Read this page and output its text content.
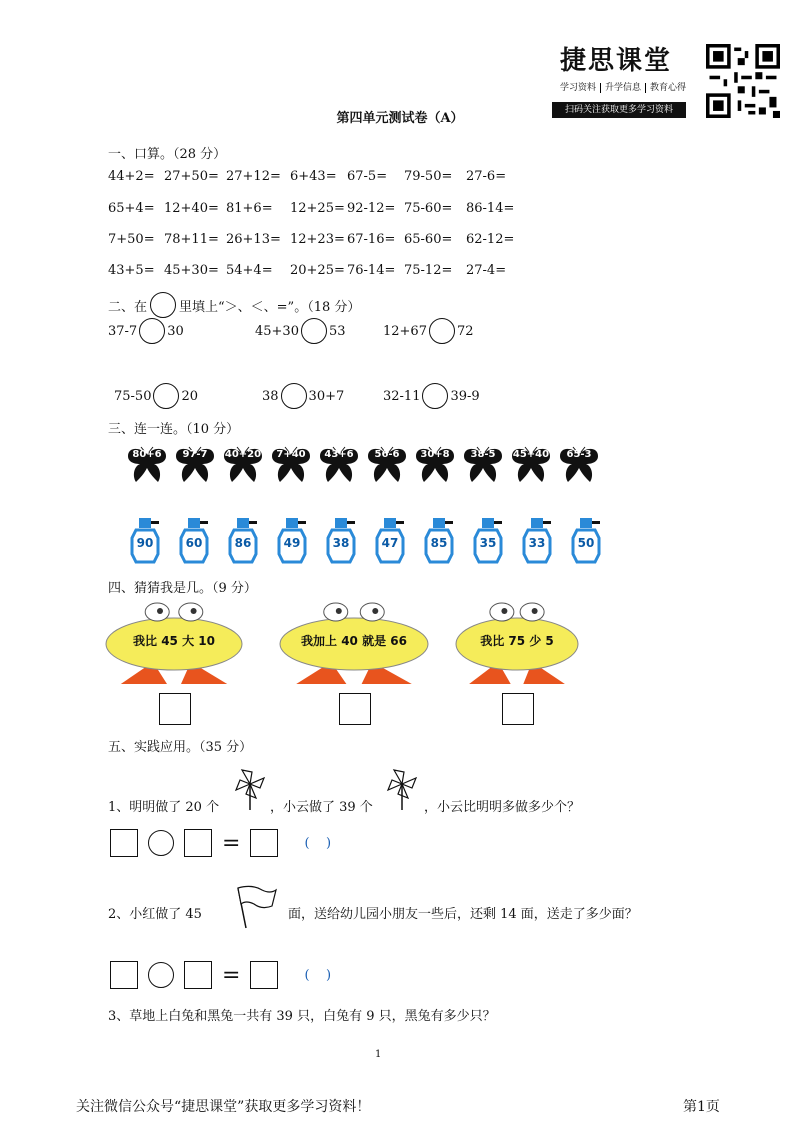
捷思课堂
学习资料 升学信息 教育心得
扫码关注获取更多学习资料
第四单元测试卷（A）
一、口算。（28 分）
44+2= 27+50= 27+12= 6+43= 67-5= 79-50= 27-6=
65+4= 12+40= 81+6= 12+25= 92-12= 75-60= 86-14=
7+50= 78+11= 26+13= 12+23= 67-16= 65-60= 62-12=
43+5= 45+30= 54+4= 20+25= 76-14= 75-12= 27-4=
二、在 里填上“＞、＜、=”。（18 分）
37-7 30	45+30 53	12+67 72
75-50 20	38 30+7	32-11 39-9
三、连一连。（10 分）
80+6	97-7	40+20	7+40	43+6	56-6	30+8	38-5	45+40	65-3
90	60	86	49	38	47	85	35	33	50
四、猜猜我是几。（9 分）
我比 45 大 10	我加上 40 就是 66	我比 75 少 5
五、实践应用。（35 分）
1、明明做了 20 个	，小云做了 39 个	，小云比明明多做多少个？
=	(    )
2、小红做了 45	面，送给幼儿园小朋友一些后，还剩 14 面，送走了多少面？
=	(    )
3、草地上白兔和黑兔一共有 39 只，白兔有 9 只，黑兔有多少只？
1
关注微信公众号“捷思课堂”获取更多学习资料！	第1页
